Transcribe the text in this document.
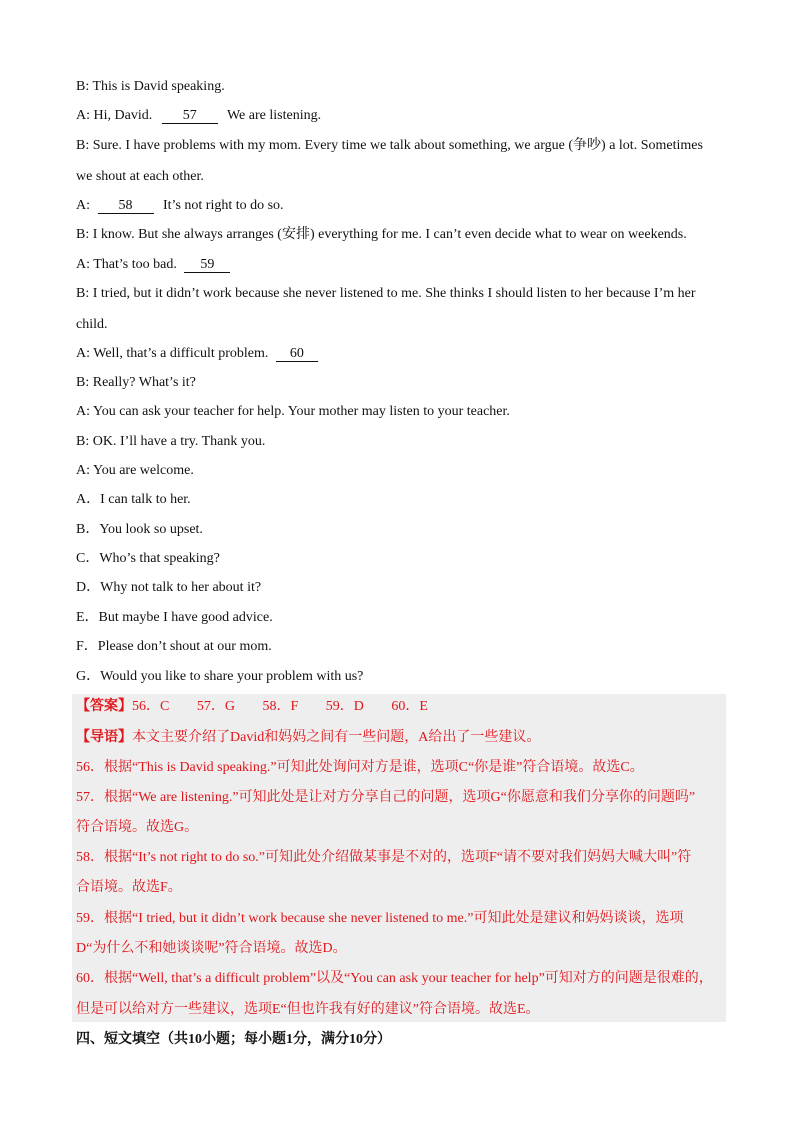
B: This is David speaking.
A: Hi, David. 57 We are listening.
B: Sure. I have problems with my mom. Every time we talk about something, we argue (争吵) a lot. Sometimes
we shout at each other.
A: 58 It’s not right to do so.
B: I know. But she always arranges (安排) everything for me. I can’t even decide what to wear on weekends.
A: That’s too bad. 59
B: I tried, but it didn’t work because she never listened to me. She thinks I should listen to her because I’m her
child.
A: Well, that’s a difficult problem. 60
B: Really? What’s it?
A: You can ask your teacher for help. Your mother may listen to your teacher.
B: OK. I’ll have a try. Thank you.
A: You are welcome.
A．I can talk to her.
B．You look so upset.
C．Who’s that speaking?
D．Why not talk to her about it?
E．But maybe I have good advice.
F．Please don’t shout at our mom.
G．Would you like to share your problem with us?
【答案】56．C 57．G 58．F 59．D 60．E
【导语】本文主要介绍了David和妈妈之间有一些问题，A给出了一些建议。
56．根据“This is David speaking.”可知此处询问对方是谁，选项C“你是谁”符合语境。故选C。
57．根据“We are listening.”可知此处是让对方分享自己的问题，选项G“你愿意和我们分享你的问题吗”
符合语境。故选G。
58．根据“It’s not right to do so.”可知此处介绍做某事是不对的，选项F“请不要对我们妈妈大喊大叫”符
合语境。故选F。
59．根据“I tried, but it didn’t work because she never listened to me.”可知此处是建议和妈妈谈谈，选项
D“为什么不和她谈谈呢”符合语境。故选D。
60．根据“Well, that’s a difficult problem”以及“You can ask your teacher for help”可知对方的问题是很难的，
但是可以给对方一些建议，选项E“但也许我有好的建议”符合语境。故选E。
四、短文填空（共10小题；每小题1分，满分10分）
